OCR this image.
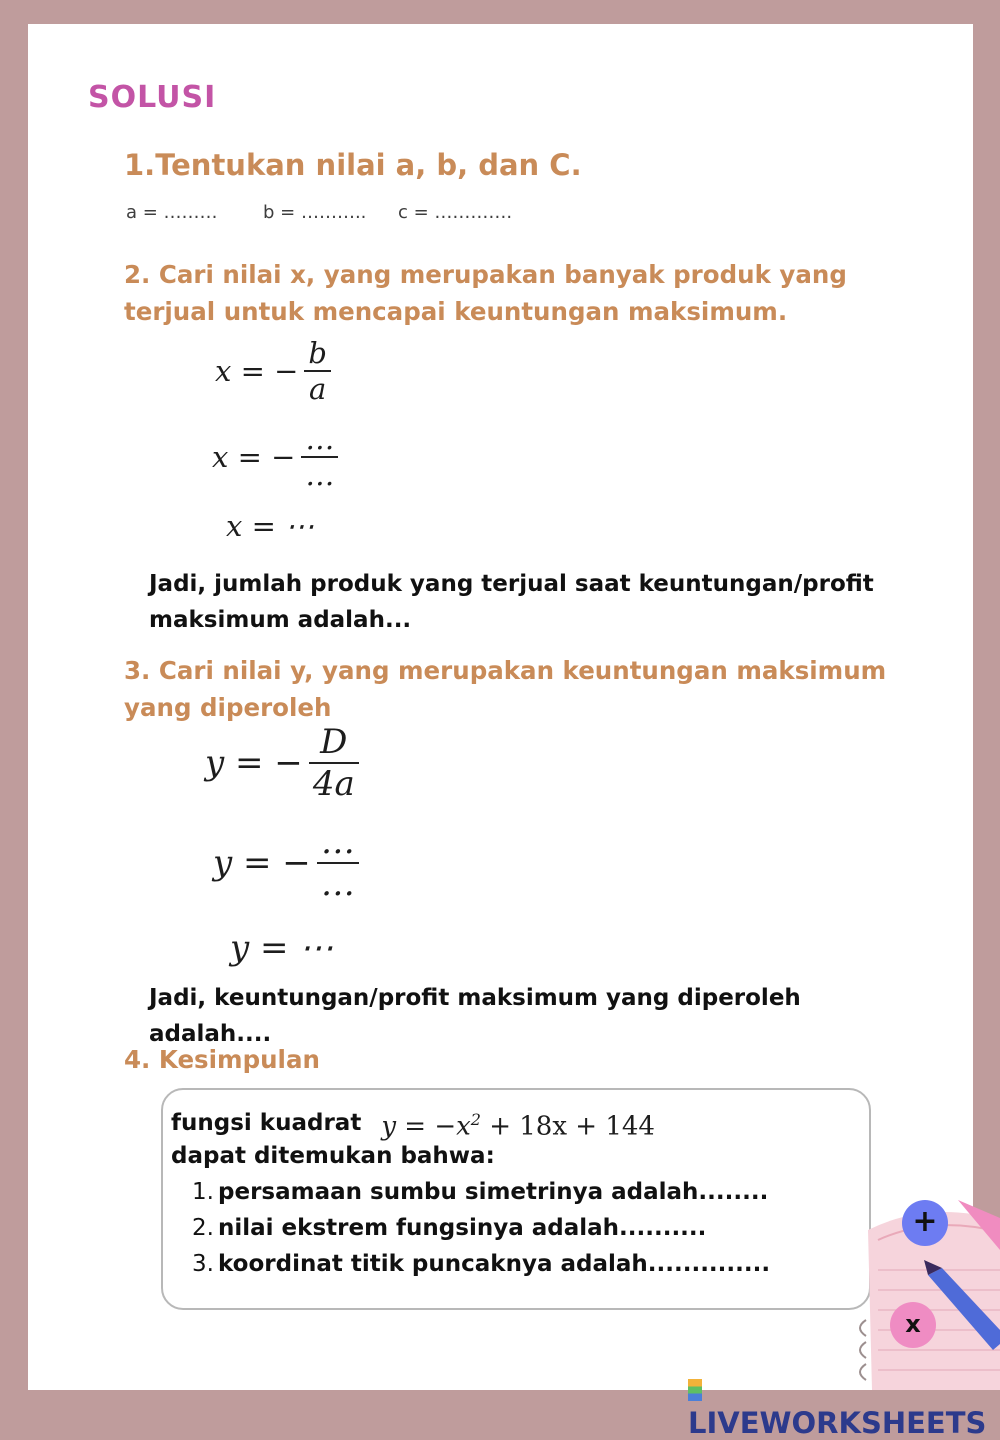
SOLUSI
1.Tentukan nilai a, b, dan C.
a = ………	b = ……….. c = ………….
2. Cari nilai x, yang merupakan banyak produk yang terjual untuk mencapai keuntungan maksimum.
x = − $\frac{b}{a}$
x = − $\frac{\dots}{\dots}$
x = ⋯
Jadi, jumlah produk yang terjual saat keuntungan/profit maksimum adalah...
3. Cari nilai y, yang merupakan keuntungan maksimum yang diperoleh
y = − $\frac{D}{4a}$
y = − $\frac{\dots}{\dots}$
y = ⋯
Jadi, keuntungan/profit maksimum yang diperoleh adalah....
4. Kesimpulan
fungsi kuadrat $y = -x^2 + 18x + 144$
dapat ditemukan bahwa:
1. persamaan sumbu simetrinya adalah........
2. nilai ekstrem fungsinya adalah..........
3. koordinat titik puncaknya adalah..............
+
x
LIVEWORKSHEETS
